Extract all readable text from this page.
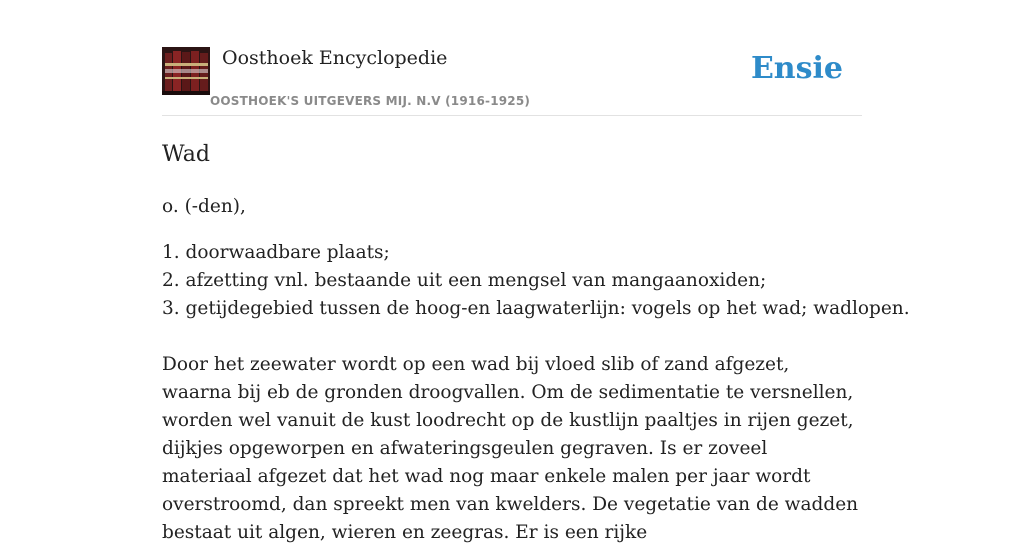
Oosthoek Encyclopedie
OOSTHOEK'S UITGEVERS MIJ. N.V (1916-1925)
Ensie
Wad

o. (-den),

1. doorwaadbare plaats;
2. afzetting vnl. bestaande uit een mengsel van mangaanoxiden;
3. getijdegebied tussen de hoog-en laagwaterlijn: vogels op het wad; wadlopen.

Door het zeewater wordt op een wad bij vloed slib of zand afgezet, waarna bij eb de gronden droogvallen. Om de sedimentatie te versnellen, worden wel vanuit de kust loodrecht op de kustlijn paaltjes in rijen gezet, dijkjes opgeworpen en afwateringsgeulen gegraven. Is er zoveel materiaal afgezet dat het wad nog maar enkele malen per jaar wordt overstroomd, dan spreekt men van kwelders. De vegetatie van de wadden bestaat uit algen, wieren en zeegras. Er is een rijke
